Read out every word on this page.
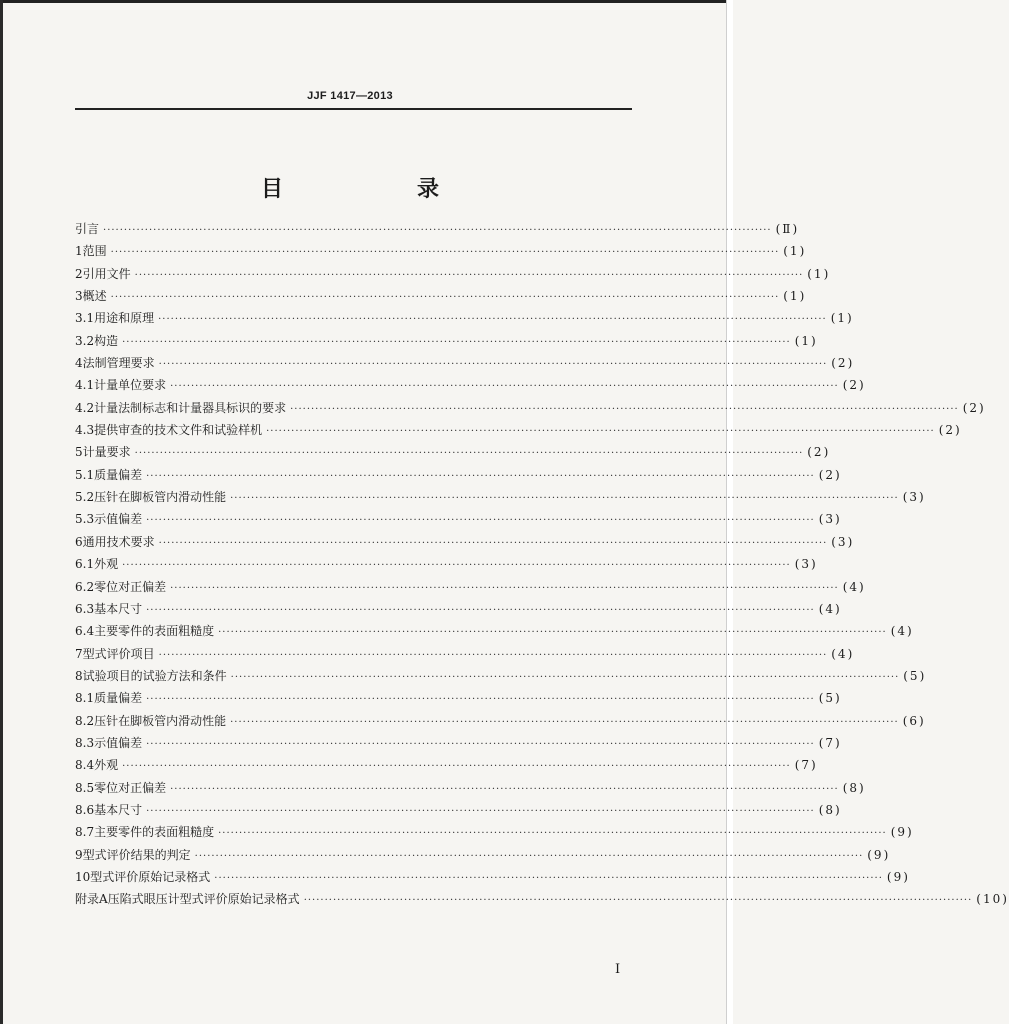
JJF 1417—2013
目　录
引言 ································································································································································ (Ⅱ)
1 范围 ································································································································································ (1)
2 引用文件 ································································································································································ (1)
3 概述 ································································································································································ (1)
3.1 用途和原理 ································································································································································ (1)
3.2 构造 ································································································································································ (1)
4 法制管理要求 ································································································································································ (2)
4.1 计量单位要求 ································································································································································ (2)
4.2 计量法制标志和计量器具标识的要求 ································································································································································ (2)
4.3 提供审查的技术文件和试验样机 ································································································································································ (2)
5 计量要求 ································································································································································ (2)
5.1 质量偏差 ································································································································································ (2)
5.2 压针在脚板管内滑动性能 ································································································································································ (3)
5.3 示值偏差 ································································································································································ (3)
6 通用技术要求 ································································································································································ (3)
6.1 外观 ································································································································································ (3)
6.2 零位对正偏差 ································································································································································ (4)
6.3 基本尺寸 ································································································································································ (4)
6.4 主要零件的表面粗糙度 ································································································································································ (4)
7 型式评价项目 ································································································································································ (4)
8 试验项目的试验方法和条件 ································································································································································ (5)
8.1 质量偏差 ································································································································································ (5)
8.2 压针在脚板管内滑动性能 ································································································································································ (6)
8.3 示值偏差 ································································································································································ (7)
8.4 外观 ································································································································································ (7)
8.5 零位对正偏差 ································································································································································ (8)
8.6 基本尺寸 ································································································································································ (8)
8.7 主要零件的表面粗糙度 ································································································································································ (9)
9 型式评价结果的判定 ································································································································································ (9)
10 型式评价原始记录格式 ································································································································································ (9)
附录A 压陷式眼压计型式评价原始记录格式 ································································································································································ (10)
Ⅰ
